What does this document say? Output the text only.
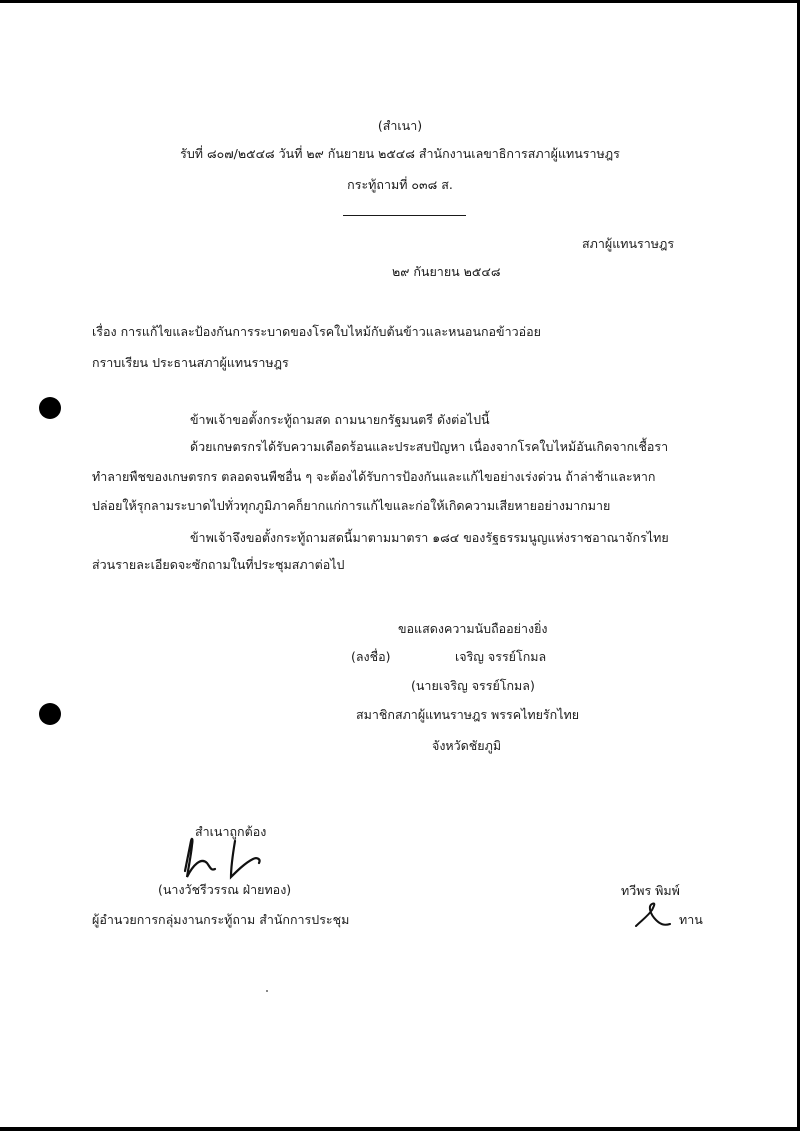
(สำเนา)
รับที่ ๘๐๗/๒๕๔๘ วันที่ ๒๙ กันยายน ๒๕๔๘ สำนักงานเลขาธิการสภาผู้แทนราษฎร
กระทู้ถามที่ ๐๓๘ ส.
สภาผู้แทนราษฎร
๒๙ กันยายน ๒๕๔๘
เรื่อง การแก้ไขและป้องกันการระบาดของโรคใบไหม้กับต้นข้าวและหนอนกอข้าวอ่อย
กราบเรียน ประธานสภาผู้แทนราษฎร
ข้าพเจ้าขอตั้งกระทู้ถามสด ถามนายกรัฐมนตรี ดังต่อไปนี้
ด้วยเกษตรกรได้รับความเดือดร้อนและประสบปัญหา เนื่องจากโรคใบไหม้อันเกิดจากเชื้อรา
ทำลายพืชของเกษตรกร ตลอดจนพืชอื่น ๆ จะต้องได้รับการป้องกันและแก้ไขอย่างเร่งด่วน ถ้าล่าช้าและหาก
ปล่อยให้รุกลามระบาดไปทั่วทุกภูมิภาคก็ยากแก่การแก้ไขและก่อให้เกิดความเสียหายอย่างมากมาย
ข้าพเจ้าจึงขอตั้งกระทู้ถามสดนี้มาตามมาตรา ๑๘๔ ของรัฐธรรมนูญแห่งราชอาณาจักรไทย
ส่วนรายละเอียดจะซักถามในที่ประชุมสภาต่อไป
ขอแสดงความนับถืออย่างยิ่ง
(ลงชื่อ)	เจริญ จรรย์โกมล
(นายเจริญ จรรย์โกมล)
สมาชิกสภาผู้แทนราษฎร พรรคไทยรักไทย
จังหวัดชัยภูมิ
สำเนาถูกต้อง
(นางวัชรีวรรณ ฝ่ายทอง)
ผู้อำนวยการกลุ่มงานกระทู้ถาม สำนักการประชุม
ทวีพร พิมพ์
ทาน
